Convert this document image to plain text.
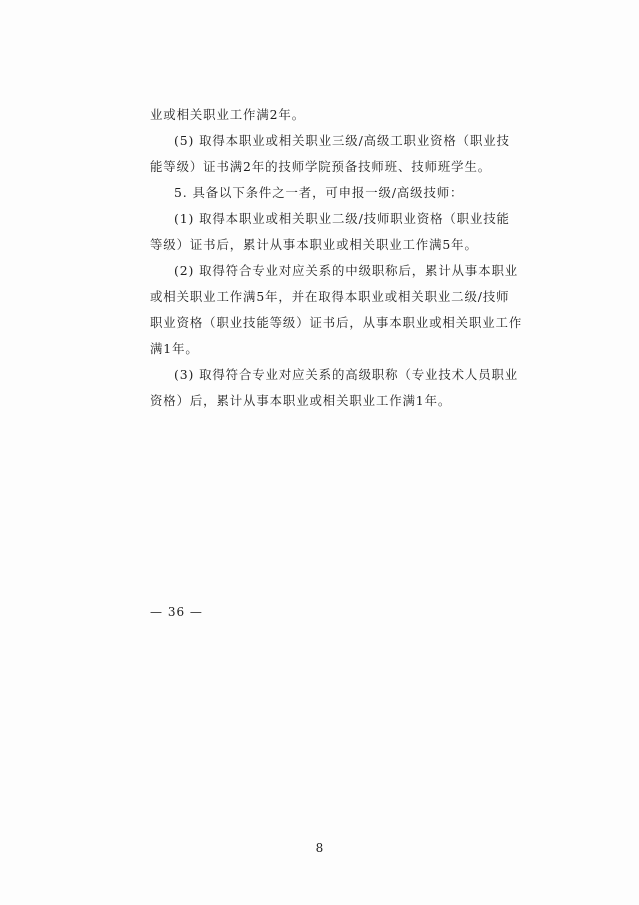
业或相关职业工作满2年。
(5) 取得本职业或相关职业三级/高级工职业资格（职业技
能等级）证书满2年的技师学院预备技师班、技师班学生。
5. 具备以下条件之一者，可申报一级/高级技师：
(1) 取得本职业或相关职业二级/技师职业资格（职业技能
等级）证书后，累计从事本职业或相关职业工作满5年。
(2) 取得符合专业对应关系的中级职称后，累计从事本职业
或相关职业工作满5年，并在取得本职业或相关职业二级/技师
职业资格（职业技能等级）证书后，从事本职业或相关职业工作
满1年。
(3) 取得符合专业对应关系的高级职称（专业技术人员职业
资格）后，累计从事本职业或相关职业工作满1年。
— 36 —
8
